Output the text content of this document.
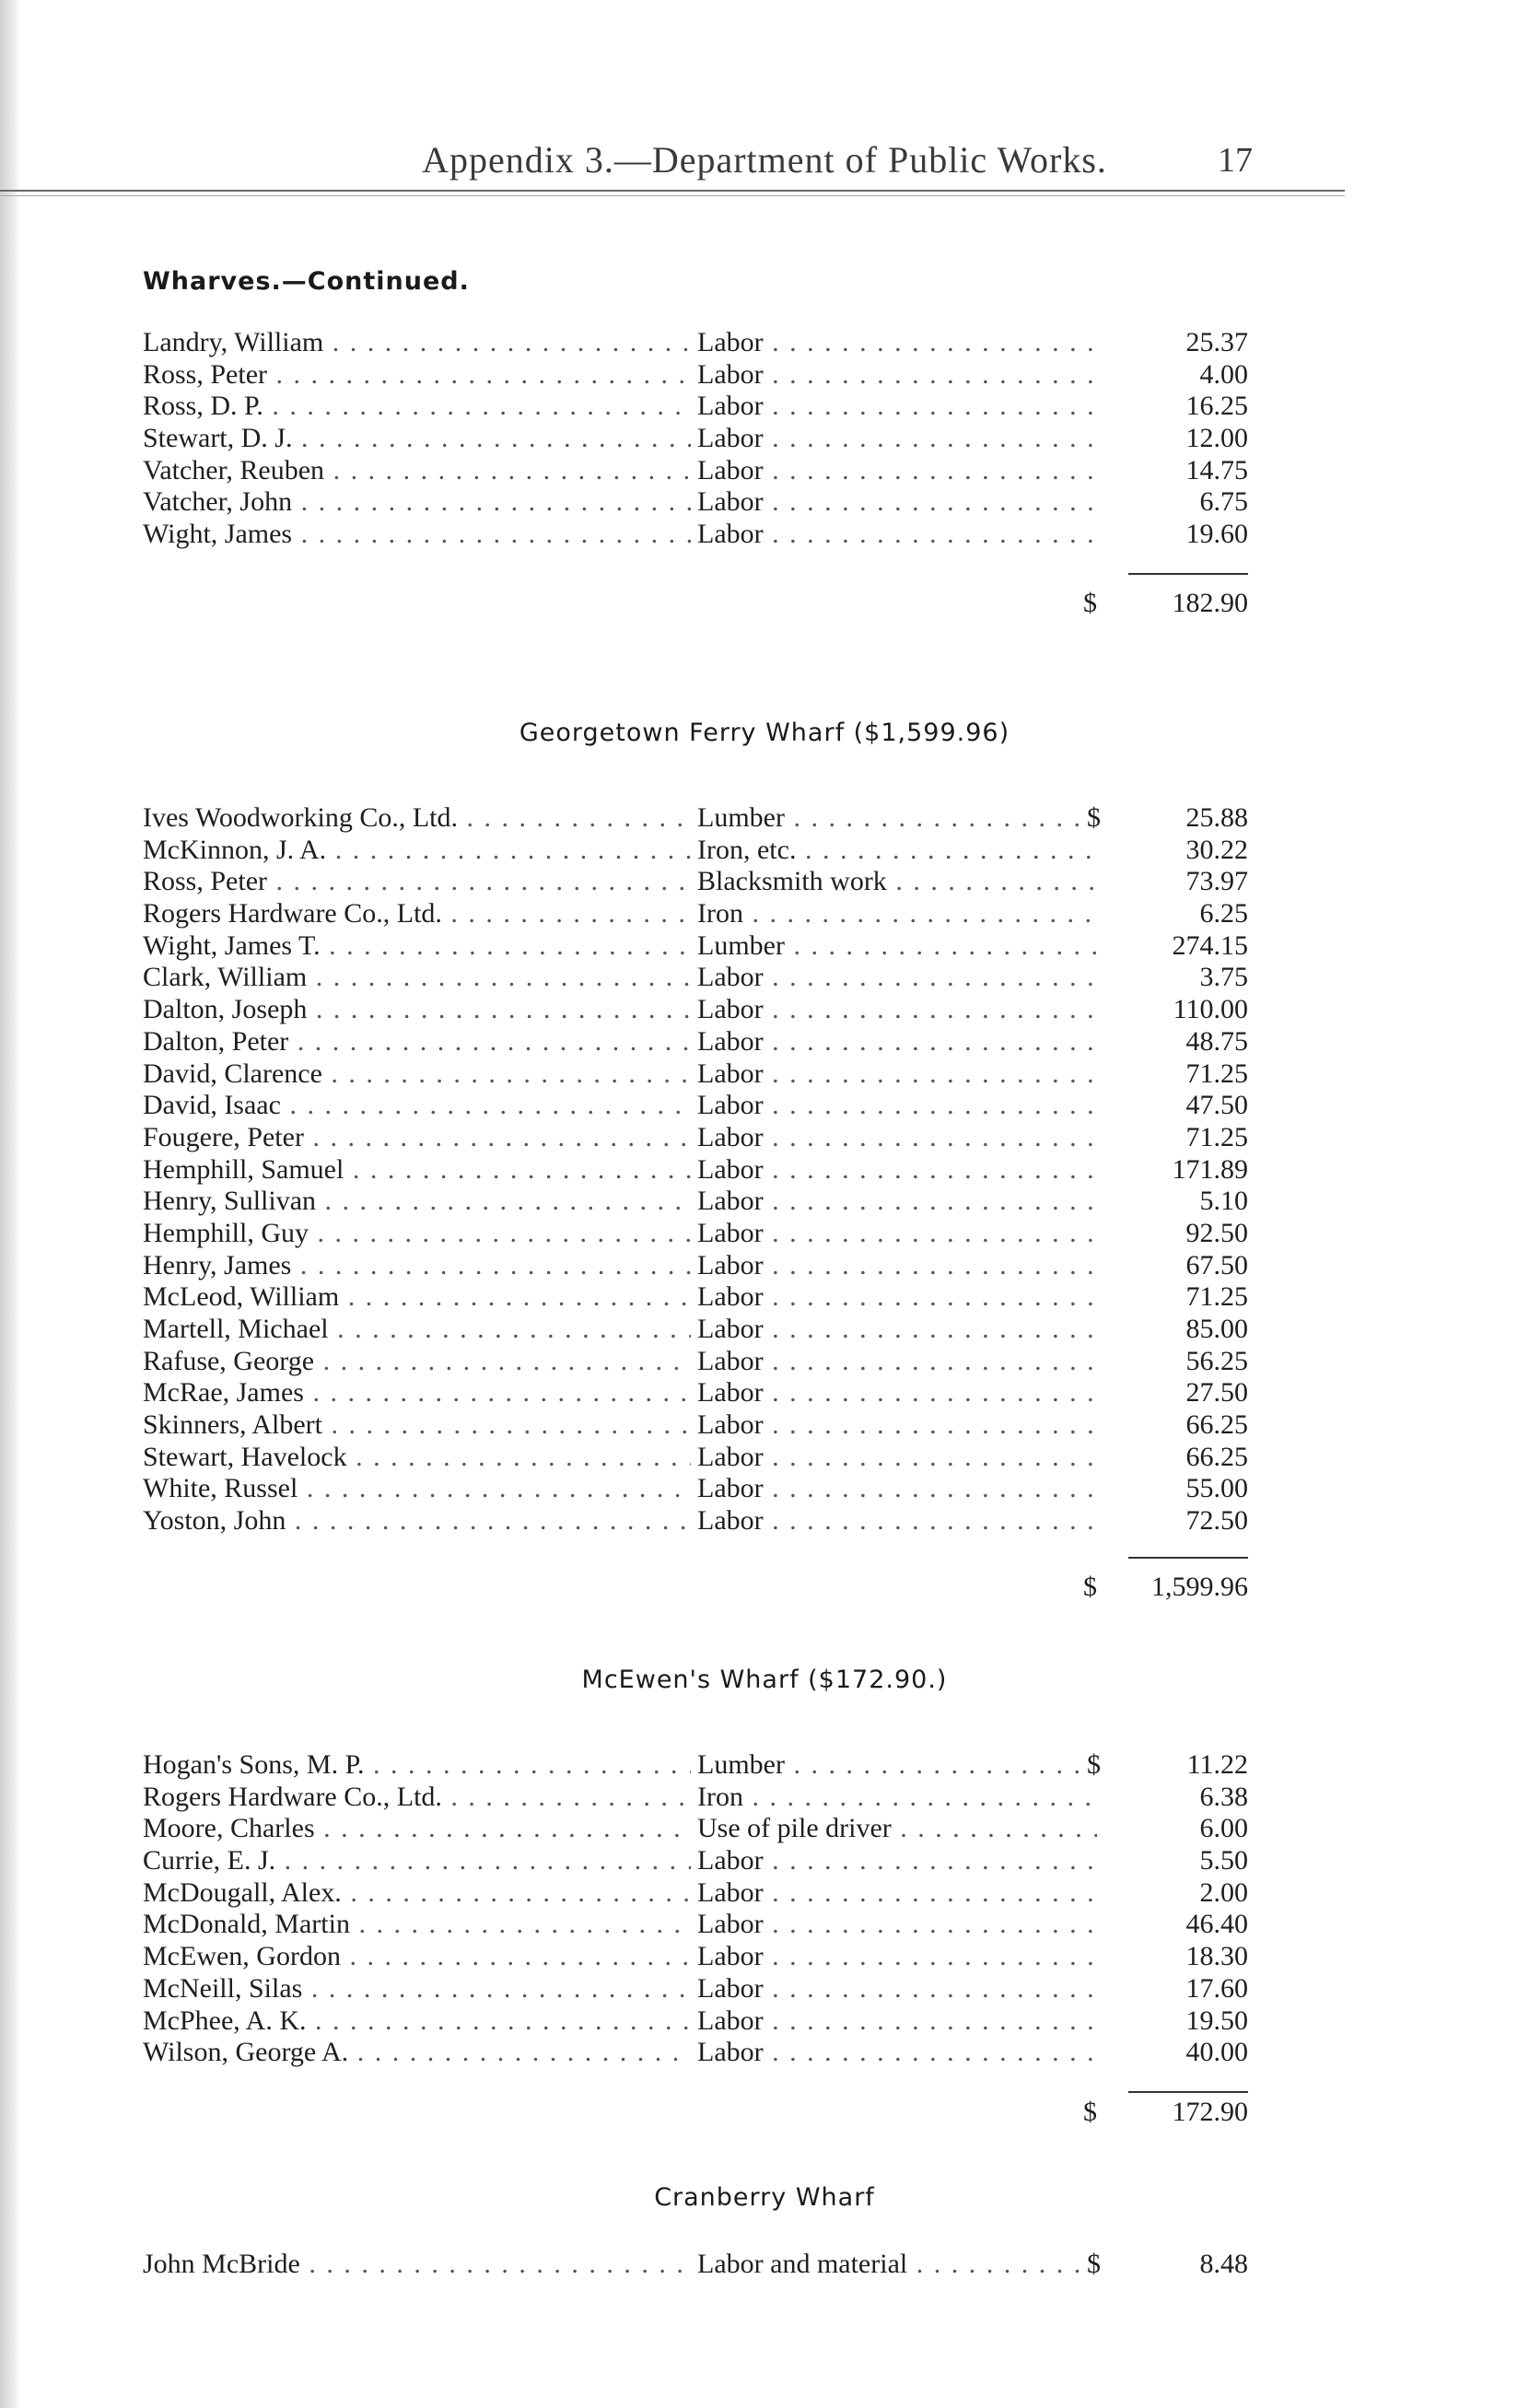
Appendix 3.—Department of Public Works.	17
Wharves.—Continued.
Landry, William . . .	Labor . . .	25.37
Ross, Peter . . .	Labor . . .	4.00
Ross, D. P. . . .	Labor . . .	16.25
Stewart, D. J. . . .	Labor . . .	12.00
Vatcher, Reuben . . .	Labor . . .	14.75
Vatcher, John . . .	Labor . . .	6.75
Wight, James . . .	Labor . . .	19.60
$	182.90
Georgetown Ferry Wharf ($1,599.96)
Ives Woodworking Co., Ltd. . . .	Lumber . . .	$	25.88
McKinnon, J. A. . . .	Iron, etc. . . .	30.22
Ross, Peter . . .	Blacksmith work . . .	73.97
Rogers Hardware Co., Ltd. . . .	Iron . . .	6.25
Wight, James T. . . .	Lumber . . .	274.15
Clark, William . . .	Labor . . .	3.75
Dalton, Joseph . . .	Labor . . .	110.00
Dalton, Peter . . .	Labor . . .	48.75
David, Clarence . . .	Labor . . .	71.25
David, Isaac . . .	Labor . . .	47.50
Fougere, Peter . . .	Labor . . .	71.25
Hemphill, Samuel . . .	Labor . . .	171.89
Henry, Sullivan . . .	Labor . . .	5.10
Hemphill, Guy . . .	Labor . . .	92.50
Henry, James . . .	Labor . . .	67.50
McLeod, William . . .	Labor . . .	71.25
Martell, Michael . . .	Labor . . .	85.00
Rafuse, George . . .	Labor . . .	56.25
McRae, James . . .	Labor . . .	27.50
Skinners, Albert . . .	Labor . . .	66.25
Stewart, Havelock . . .	Labor . . .	66.25
White, Russel . . .	Labor . . .	55.00
Yoston, John . . .	Labor . . .	72.50
$	1,599.96
McEwen's Wharf ($172.90.)
Hogan's Sons, M. P. . . .	Lumber . . .	$	11.22
Rogers Hardware Co., Ltd. . . .	Iron . . .	6.38
Moore, Charles . . .	Use of pile driver . . .	6.00
Currie, E. J. . . .	Labor . . .	5.50
McDougall, Alex. . . .	Labor . . .	2.00
McDonald, Martin . . .	Labor . . .	46.40
McEwen, Gordon . . .	Labor . . .	18.30
McNeill, Silas . . .	Labor . . .	17.60
McPhee, A. K. . . .	Labor . . .	19.50
Wilson, George A. . . .	Labor . . .	40.00
$	172.90
Cranberry Wharf
John McBride . . .	Labor and material . . .	$	8.48
